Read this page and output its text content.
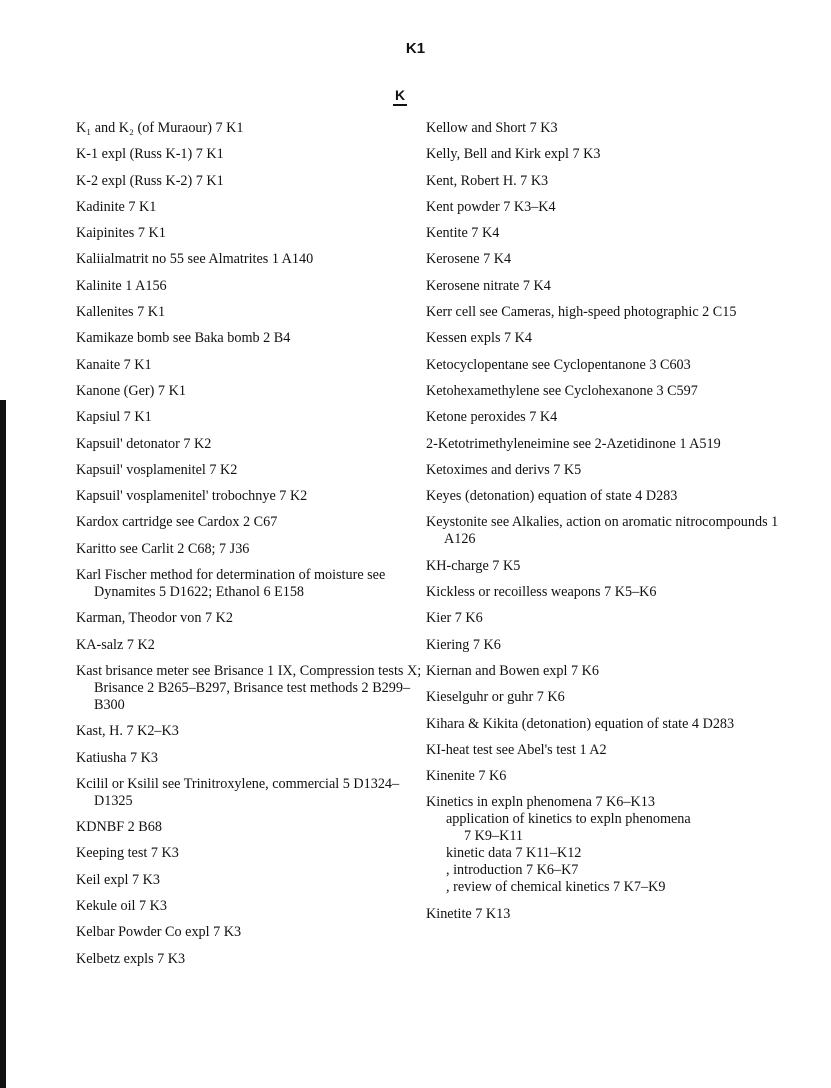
K1
K
K₁ and K₂ (of Muraour) 7 K1
K-1 expl (Russ K-1) 7 K1
K-2 expl (Russ K-2) 7 K1
Kadinite 7 K1
Kaipinites 7 K1
Kaliialmatrit no 55 see Almatrites 1 A140
Kalinite 1 A156
Kallenites 7 K1
Kamikaze bomb see Baka bomb 2 B4
Kanaite 7 K1
Kanone (Ger) 7 K1
Kapsiul 7 K1
Kapsuil' detonator 7 K2
Kapsuil' vosplamenitel 7 K2
Kapsuil' vosplamenitel' trobochnye 7 K2
Kardox cartridge see Cardox 2 C67
Karitto see Carlit 2 C68; 7 J36
Karl Fischer method for determination of moisture see Dynamites 5 D1622; Ethanol 6 E158
Karman, Theodor von 7 K2
KA-salz 7 K2
Kast brisance meter see Brisance 1 IX, Compression tests X; Brisance 2 B265–B297, Brisance test methods 2 B299–B300
Kast, H. 7 K2–K3
Katiusha 7 K3
Kcilil or Ksilil see Trinitroxylene, commercial 5 D1324–D1325
KDNBF 2 B68
Keeping test 7 K3
Keil expl 7 K3
Kekule oil 7 K3
Kelbar Powder Co expl 7 K3
Kelbetz expls 7 K3
Kellow and Short 7 K3
Kelly, Bell and Kirk expl 7 K3
Kent, Robert H. 7 K3
Kent powder 7 K3–K4
Kentite 7 K4
Kerosene 7 K4
Kerosene nitrate 7 K4
Kerr cell see Cameras, high-speed photographic 2 C15
Kessen expls 7 K4
Ketocyclopentane see Cyclopentanone 3 C603
Ketohexamethylene see Cyclohexanone 3 C597
Ketone peroxides 7 K4
2-Ketotrimethyleneimine see 2-Azetidinone 1 A519
Ketoximes and derivs 7 K5
Keyes (detonation) equation of state 4 D283
Keystonite see Alkalies, action on aromatic nitrocompounds 1 A126
KH-charge 7 K5
Kickless or recoilless weapons 7 K5–K6
Kier 7 K6
Kiering 7 K6
Kiernan and Bowen expl 7 K6
Kieselguhr or guhr 7 K6
Kihara & Kikita (detonation) equation of state 4 D283
KI-heat test see Abel's test 1 A2
Kinenite 7 K6
Kinetics in expln phenomena 7 K6–K13
application of kinetics to expln phenomena
7 K9–K11
kinetic data 7 K11–K12
, introduction 7 K6–K7
, review of chemical kinetics 7 K7–K9
Kinetite 7 K13
